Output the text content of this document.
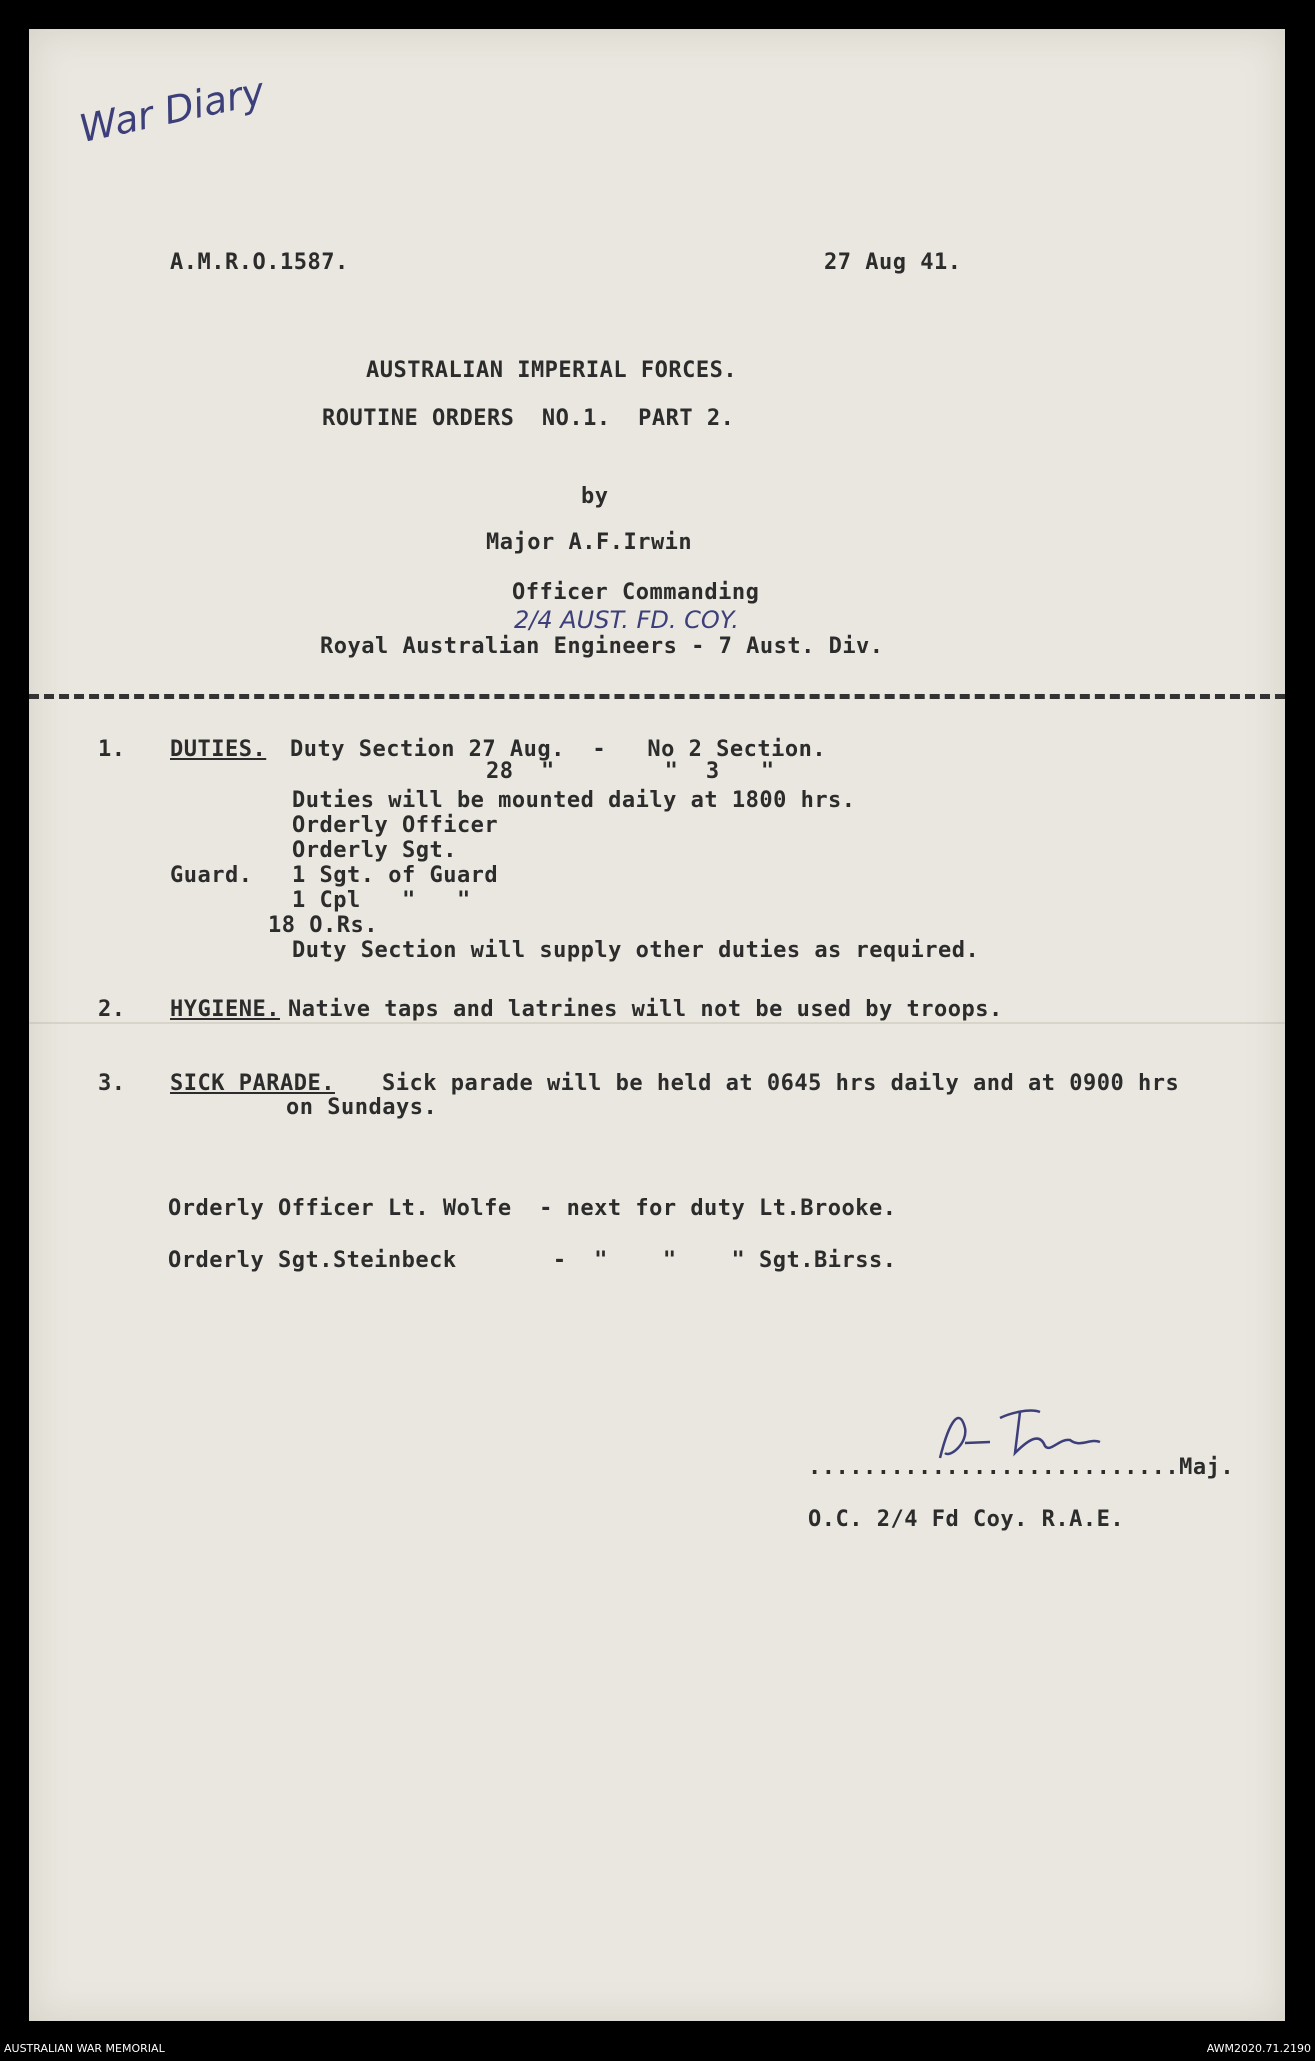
War Diary
A.M.R.O.1587.	27 Aug 41.
AUSTRALIAN IMPERIAL FORCES.
ROUTINE ORDERS  NO.1.  PART 2.
by
Major A.F.Irwin
Officer Commanding
2/4 AUST. FD. COY.
Royal Australian Engineers - 7 Aust. Div.
1. DUTIES. Duty Section 27 Aug.  -   No 2 Section.
28  "        "  3   "
Duties will be mounted daily at 1800 hrs.
Orderly Officer
Orderly Sgt.
Guard. 1 Sgt. of Guard
1 Cpl   "   "
18 O.Rs.
Duty Section will supply other duties as required.
2. HYGIENE. Native taps and latrines will not be used by troops.
3. SICK PARADE. Sick parade will be held at 0645 hrs daily and at 0900 hrs
on Sundays.
Orderly Officer Lt. Wolfe  - next for duty Lt.Brooke.
Orderly Sgt.Steinbeck       -  "    "    " Sgt.Birss.
...........................Maj.
O.C. 2/4 Fd Coy. R.A.E.
AUSTRALIAN WAR MEMORIAL	AWM2020.71.2190
